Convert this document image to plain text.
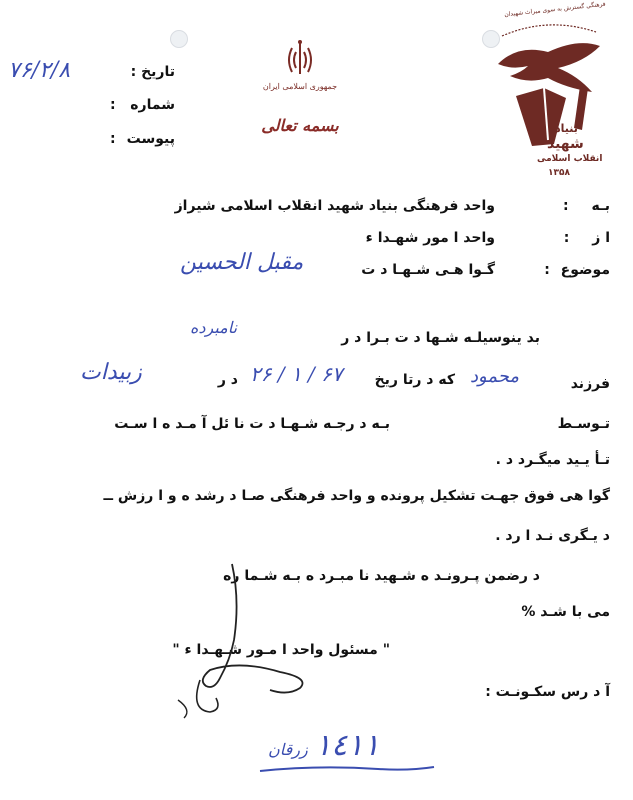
۷۶/۲/۸	تاريخ :
شماره
:
پيوست
:
جمهوری اسلامی ايران
بسمه تعالی
فرهنگی گسترش به سوی ميراث شهيدان
بنياد
شهيد
انقلاب اسلامی
۱۳۵۸
بـه :
واحد فرهنگی بنياد شهيد انقلاب اسلامی شيراز
ا ز :
واحد ا مور شهـدا ء
موضوع :
گـوا هـی شـهـا د ت
مقبل الحسين
بد ينوسيلـه شـها د ت بـرا د ر
نامبرده
فرزند
محمود
كه د رتا ريخ
۲۶ / ۱ / ۶۷
د ر
زبيدات
تـوسـط
بـه د رجـه شـهـا د ت نا ئل آ مـد ه ا سـت
تـأ يـيد ميگـرد د .
گوا هی فوق جهـت تشكيل پرونده و واحد فرهنگی صـا د رشد ه و ا رزش ــ
د يـگری نـد ا رد .
د رضمن پـرونـد ه شـهيد نا مبـرد ه بـه شـما ره
می با شـد %
" مسئول واحد ا مـور شـهـدا ء "
آ د رس سكـونـت :
١٤١١
زرقان
